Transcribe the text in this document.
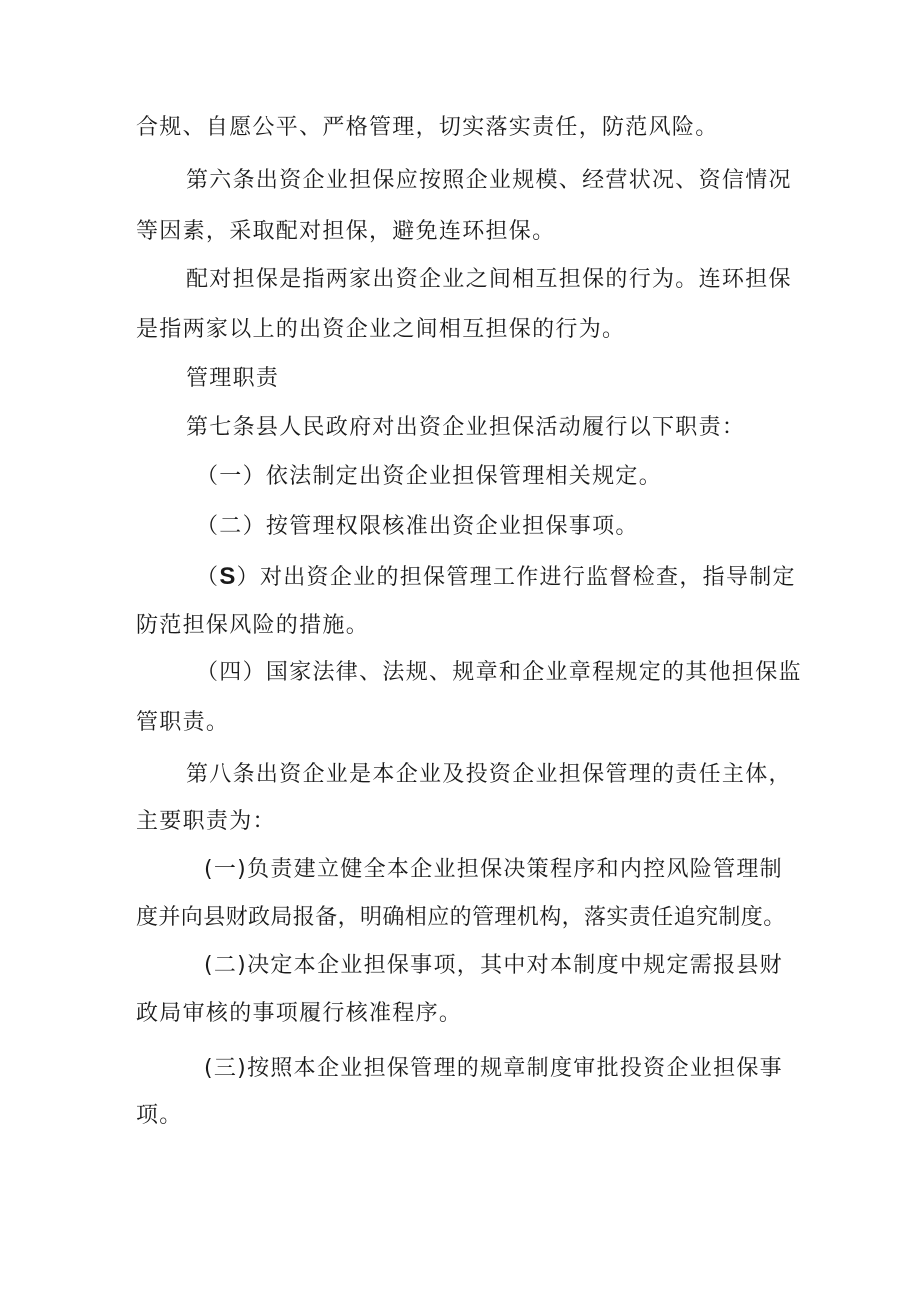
合规、自愿公平、严格管理，切实落实责任，防范风险。
第六条出资企业担保应按照企业规模、经营状况、资信情况
等因素，采取配对担保，避免连环担保。
配对担保是指两家出资企业之间相互担保的行为。连环担保
是指两家以上的出资企业之间相互担保的行为。
管理职责
第七条县人民政府对出资企业担保活动履行以下职责：
（一）依法制定出资企业担保管理相关规定。
（二）按管理权限核准出资企业担保事项。
（S）对出资企业的担保管理工作进行监督检查，指导制定
防范担保风险的措施。
（四）国家法律、法规、规章和企业章程规定的其他担保监
管职责。
第八条出资企业是本企业及投资企业担保管理的责任主体，
主要职责为：
(一)负责建立健全本企业担保决策程序和内控风险管理制
度并向县财政局报备，明确相应的管理机构，落实责任追究制度。
(二)决定本企业担保事项，其中对本制度中规定需报县财
政局审核的事项履行核准程序。
(三)按照本企业担保管理的规章制度审批投资企业担保事
项。
